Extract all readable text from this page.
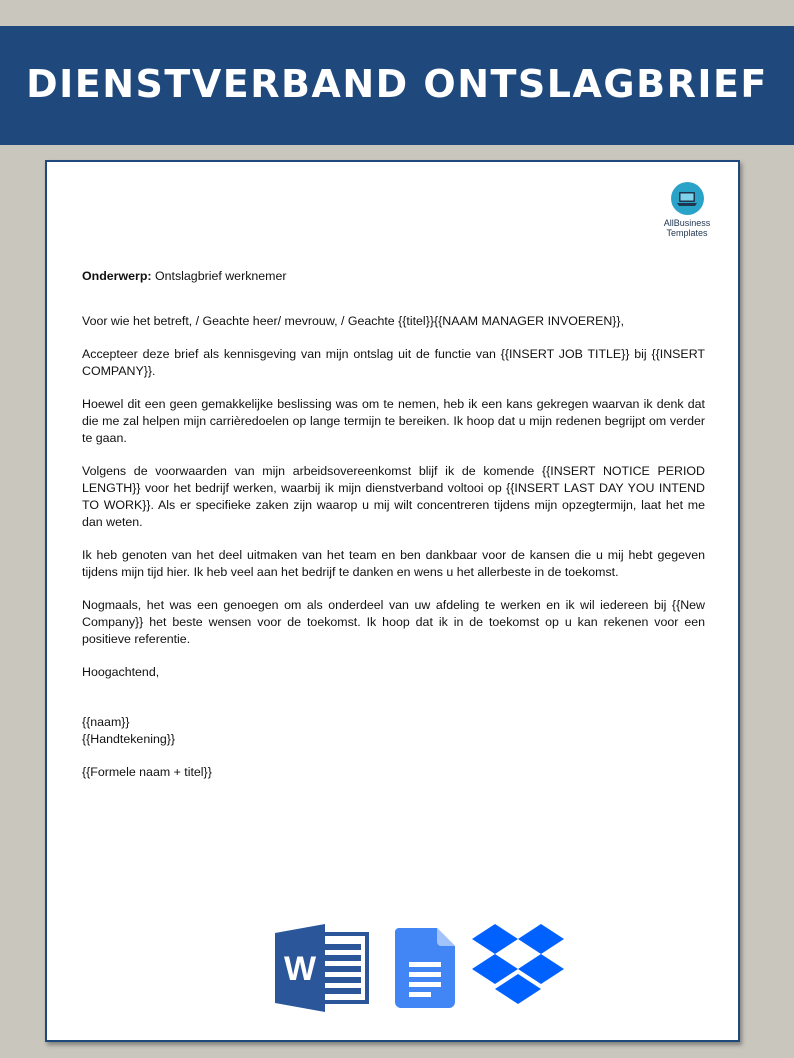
DIENSTVERBAND ONTSLAGBRIEF
AllBusiness
Templates

Onderwerp: Ontslagbrief werknemer

Voor wie het betreft, / Geachte heer/ mevrouw, / Geachte {{titel}}{{NAAM MANAGER INVOEREN}},

Accepteer deze brief als kennisgeving van mijn ontslag uit de functie van {{INSERT JOB TITLE}} bij {{INSERT COMPANY}}.

Hoewel dit een geen gemakkelijke beslissing was om te nemen, heb ik een kans gekregen waarvan ik denk dat die me zal helpen mijn carrièredoelen op lange termijn te bereiken. Ik hoop dat u mijn redenen begrijpt om verder te gaan.

Volgens de voorwaarden van mijn arbeidsovereenkomst blijf ik de komende {{INSERT NOTICE PERIOD LENGTH}} voor het bedrijf werken, waarbij ik mijn dienstverband voltooi op {{INSERT LAST DAY YOU INTEND TO WORK}}. Als er specifieke zaken zijn waarop u mij wilt concentreren tijdens mijn opzegtermijn, laat het me dan weten.

Ik heb genoten van het deel uitmaken van het team en ben dankbaar voor de kansen die u mij hebt gegeven tijdens mijn tijd hier. Ik heb veel aan het bedrijf te danken en wens u het allerbeste in de toekomst.

Nogmaals, het was een genoegen om als onderdeel van uw afdeling te werken en ik wil iedereen bij {{New Company}} het beste wensen voor de toekomst. Ik hoop dat ik in de toekomst op u kan rekenen voor een positieve referentie.

Hoogachtend,

{{naam}}

{{Handtekening}}

{{Formele naam + titel}}

W
